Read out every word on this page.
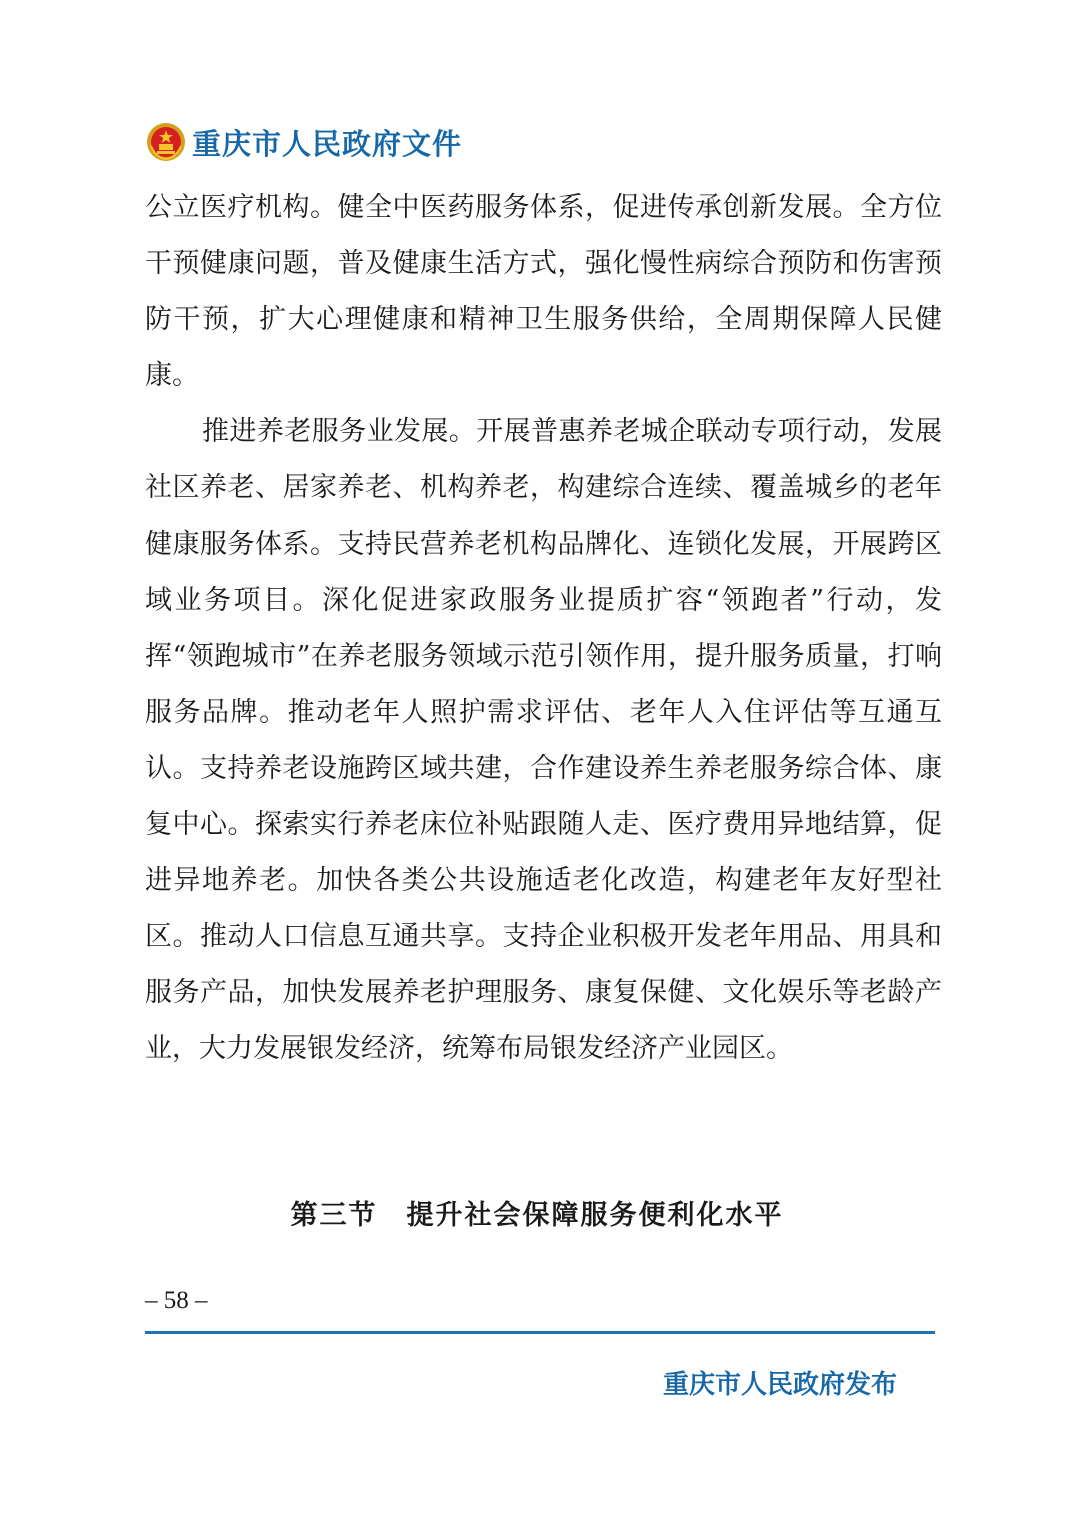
重庆市人民政府文件

公立医疗机构。健全中医药服务体系，促进传承创新发展。全方位干预健康问题，普及健康生活方式，强化慢性病综合预防和伤害预防干预，扩大心理健康和精神卫生服务供给，全周期保障人民健康。

推进养老服务业发展。开展普惠养老城企联动专项行动，发展社区养老、居家养老、机构养老，构建综合连续、覆盖城乡的老年健康服务体系。支持民营养老机构品牌化、连锁化发展，开展跨区域业务项目。深化促进家政服务业提质扩容“领跑者”行动，发挥“领跑城市”在养老服务领域示范引领作用，提升服务质量，打响服务品牌。推动老年人照护需求评估、老年人入住评估等互通互认。支持养老设施跨区域共建，合作建设养生养老服务综合体、康复中心。探索实行养老床位补贴跟随人走、医疗费用异地结算，促进异地养老。加快各类公共设施适老化改造，构建老年友好型社区。推动人口信息互通共享。支持企业积极开发老年用品、用具和服务产品，加快发展养老护理服务、康复保健、文化娱乐等老龄产业，大力发展银发经济，统筹布局银发经济产业园区。

第三节　提升社会保障服务便利化水平
– 58 –
重庆市人民政府发布
